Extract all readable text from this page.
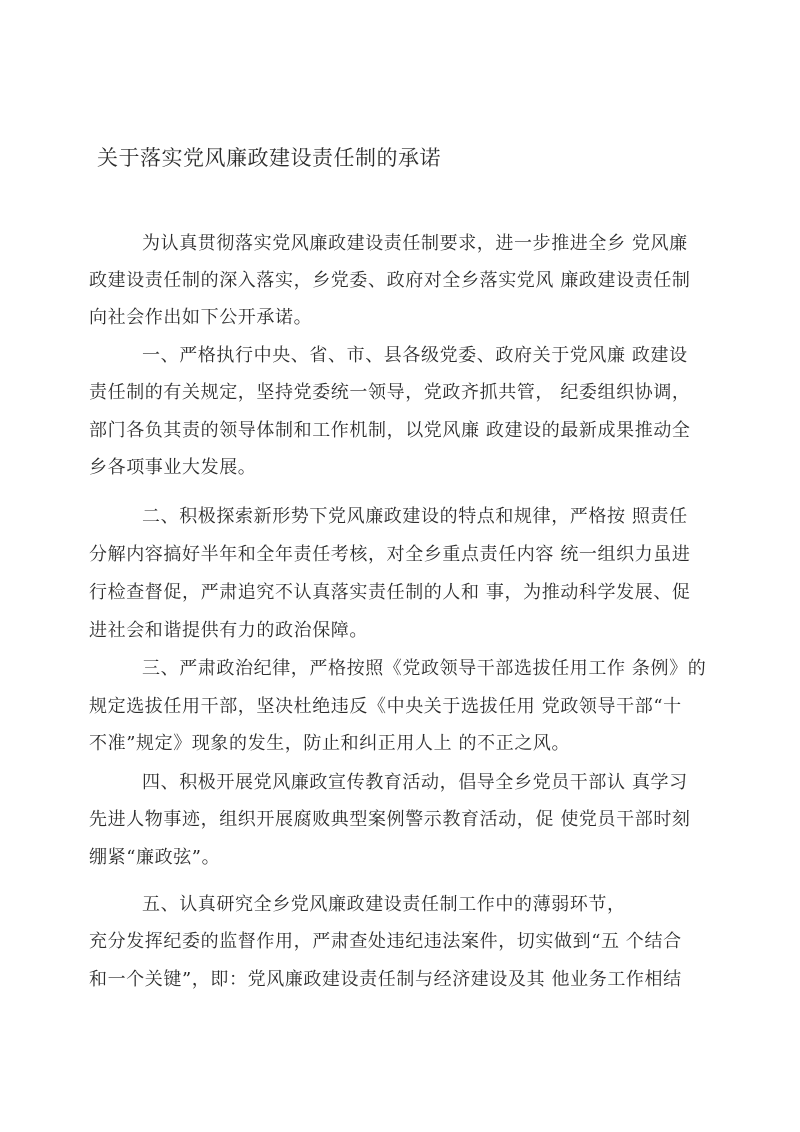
关于落实党风廉政建设责任制的承诺

为认真贯彻落实党风廉政建设责任制要求，进一步推进全乡 党风廉

政建设责任制的深入落实，乡党委、政府对全乡落实党风 廉政建设责任制

向社会作出如下公开承诺。

一、严格执行中央、省、市、县各级党委、政府关于党风廉 政建设

责任制的有关规定，坚持党委统一领导，党政齐抓共管， 纪委组织协调，

部门各负其责的领导体制和工作机制，以党风廉 政建设的最新成果推动全

乡各项事业大发展。

二、积极探索新形势下党风廉政建设的特点和规律，严格按 照责任

分解内容搞好半年和全年责任考核，对全乡重点责任内容 统一组织力虽进

行检查督促，严肃追究不认真落实责任制的人和 事，为推动科学发展、促

进社会和谐提供有力的政治保障。

三、严肃政治纪律，严格按照《党政领导干部选拔任用工作 条例》的

规定选拔任用干部，坚决杜绝违反《中央关于选拔任用 党政领导干部“十

不准”规定》现象的发生，防止和纠正用人上 的不正之风。

四、积极开展党风廉政宣传教育活动，倡导全乡党员干部认 真学习

先进人物事迹，组织开展腐败典型案例警示教育活动，促 使党员干部时刻

绷紧“廉政弦”。

五、认真研究全乡党风廉政建设责任制工作中的薄弱环节，

充分发挥纪委的监督作用，严肃查处违纪违法案件，切实做到“五 个结合

和一个关键”，即：党风廉政建设责任制与经济建设及其 他业务工作相结
